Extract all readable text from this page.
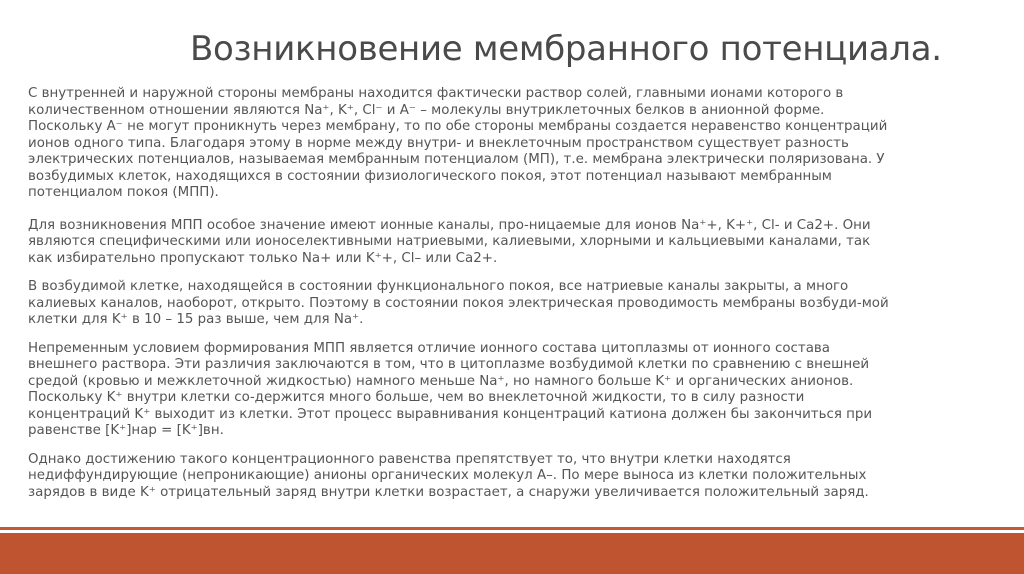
Возникновение мембранного потенциала.

С внутренней и наружной стороны мембраны находится фактически раствор солей, главными ионами которого в
количественном отношении являются Na⁺, K⁺, Cl⁻ и A⁻ – молекулы внутриклеточных белков в анионной форме.
Поскольку A⁻ не могут проникнуть через мембрану, то по обе стороны мембраны создается неравенство концентраций
ионов одного типа. Благодаря этому в норме между внутри- и внеклеточным пространством существует разность
электрических потенциалов, называемая мембранным потенциалом (МП), т.е. мембрана электрически поляризована. У
возбудимых клеток, находящихся в состоянии физиологического покоя, этот потенциал называют мембранным
потенциалом покоя (МПП).

Для возникновения МПП особое значение имеют ионные каналы, про-ницаемые для ионов Na⁺+, K+⁺, Cl- и Ca2+. Они
являются специфическими или ионоселективными натриевыми, калиевыми, хлорными и кальциевыми каналами, так
как избирательно пропускают только Na+ или K⁺+, Cl– или Ca2+.

В возбудимой клетке, находящейся в состоянии функционального покоя, все натриевые каналы закрыты, а много
калиевых каналов, наоборот, открыто. Поэтому в состоянии покоя электрическая проводимость мембраны возбуди-мой
клетки для K⁺ в 10 – 15 раз выше, чем для Na⁺.

Непременным условием формирования МПП является отличие ионного состава цитоплазмы от ионного состава
внешнего раствора. Эти различия заключаются в том, что в цитоплазме возбудимой клетки по сравнению с внешней
средой (кровью и межклеточной жидкостью) намного меньше Na⁺, но намного больше K⁺ и органических анионов.
Поскольку K⁺ внутри клетки со-держится много больше, чем во внеклеточной жидкости, то в силу разности
концентраций K⁺ выходит из клетки. Этот процесс выравнивания концентраций катиона должен бы закончиться при
равенстве [K⁺]нар = [K⁺]вн.

Однако достижению такого концентрационного равенства препятствует то, что внутри клетки находятся
недиффундирующие (непроникающие) анионы органических молекул A–. По мере выноса из клетки положительных
зарядов в виде K⁺ отрицательный заряд внутри клетки возрастает, а снаружи увеличивается положительный заряд.
